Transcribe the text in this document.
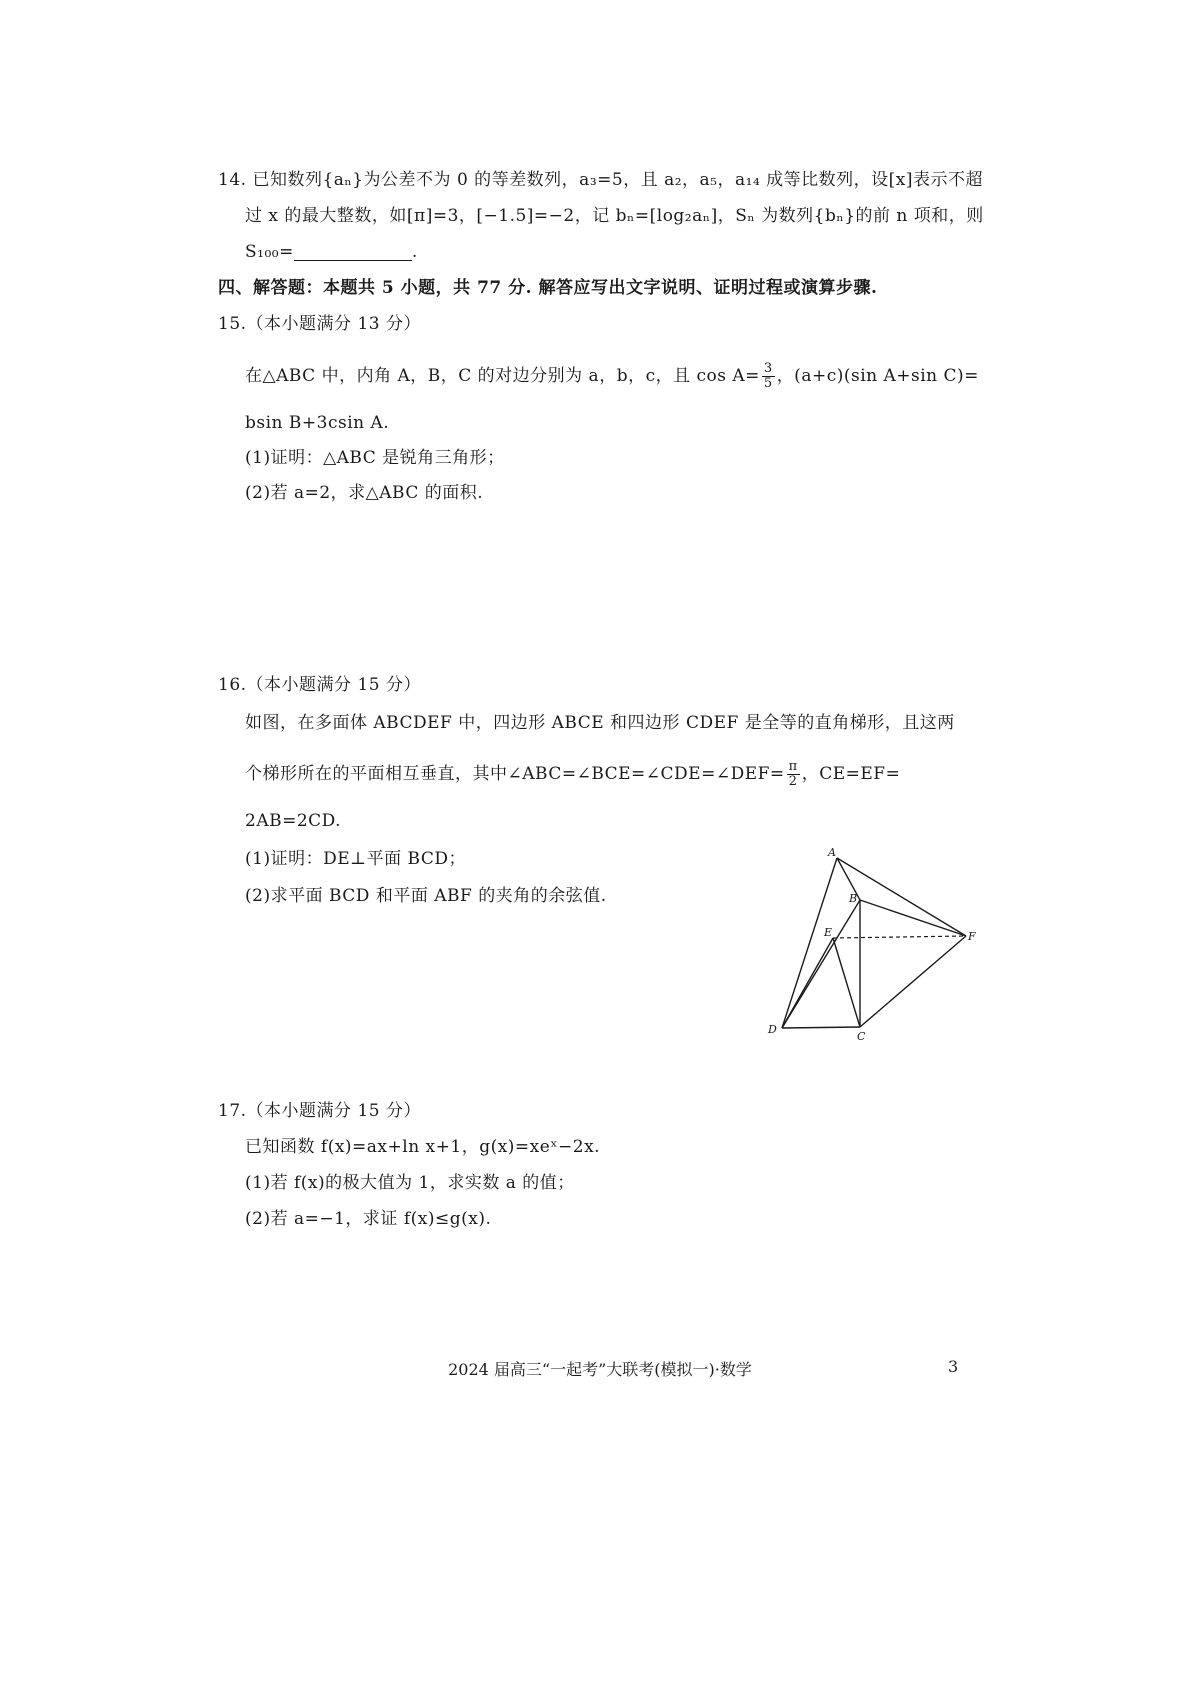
14. 已知数列{aₙ}为公差不为 0 的等差数列，a₃=5，且 a₂，a₅，a₁₄ 成等比数列，设[x]表示不超
过 x 的最大整数，如[π]=3，[−1.5]=−2，记 bₙ=[log₂aₙ]，Sₙ 为数列{bₙ}的前 n 项和，则
S₁₀₀=	.
四、解答题：本题共 5 小题，共 77 分. 解答应写出文字说明、证明过程或演算步骤.
15.（本小题满分 13 分）
在△ABC 中，内角 A，B，C 的对边分别为 a，b，c，且 $\cos A= \frac{3}{5}$ ，(a+c)(sin A+sin C)=
bsin B+3csin A.
(1)证明：△ABC 是锐角三角形；
(2)若 a=2，求△ABC 的面积.
16.（本小题满分 15 分）
如图，在多面体 ABCDEF 中，四边形 ABCE 和四边形 CDEF 是全等的直角梯形，且这两
个梯形所在的平面相互垂直，其中∠ABC=∠BCE=∠CDE=∠DEF= $\frac{\pi}{2}$ ，CE=EF=
2AB=2CD.
(1)证明：DE⊥平面 BCD；
(2)求平面 BCD 和平面 ABF 的夹角的余弦值.
A
B
E	F
D
C
17.（本小题满分 15 分）
已知函数 f(x)=ax+ln x+1，g(x)=xeˣ−2x.
(1)若 f(x)的极大值为 1，求实数 a 的值；
(2)若 a=−1，求证 f(x)≤g(x).
2024 届高三“一起考”大联考(模拟一)·数学	3
